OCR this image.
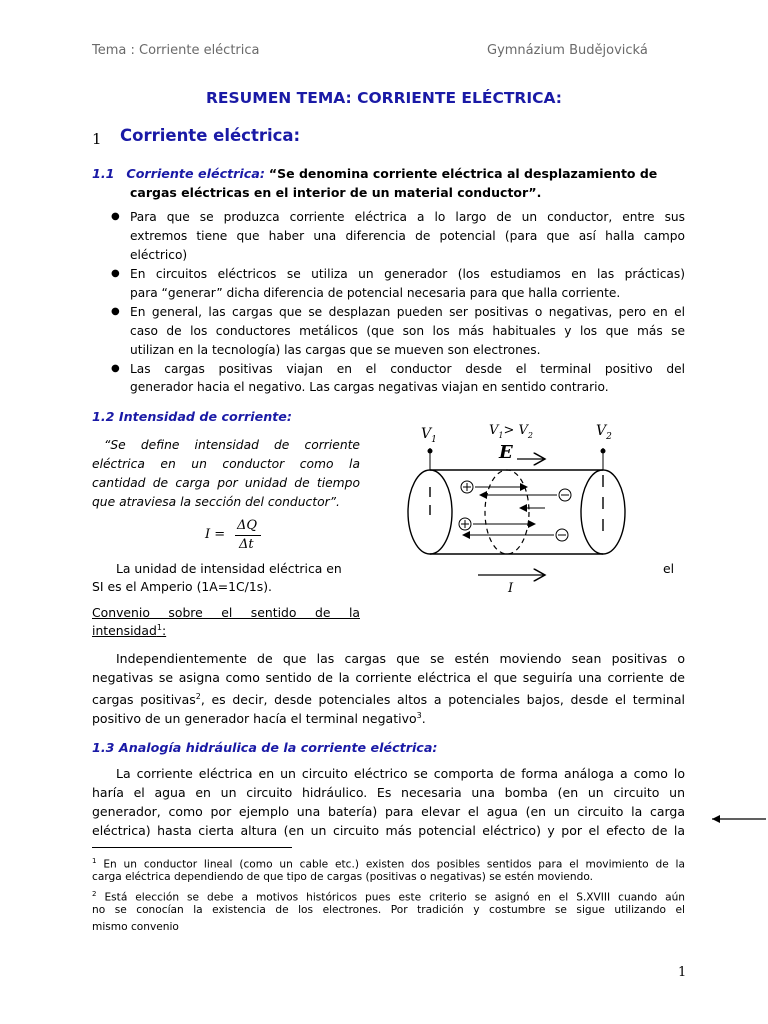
Tema : Corriente eléctrica	Gymnázium Budějovická
RESUMEN TEMA: CORRIENTE ELÉCTRICA:
1 Corriente eléctrica:
1.1 Corriente eléctrica: “Se denomina corriente eléctrica al desplazamiento de
cargas eléctricas en el interior de un material conductor”.
● Para que se produzca corriente eléctrica a lo largo de un conductor, entre sus
extremos tiene que haber una diferencia de potencial (para que así halla campo
eléctrico)
● En circuitos eléctricos se utiliza un generador (los estudiamos en las prácticas)
para “generar” dicha diferencia de potencial necesaria para que halla corriente.
● En general, las cargas que se desplazan pueden ser positivas o negativas, pero en el
caso de los conductores metálicos (que son los más habituales y los que más se
utilizan en la tecnología) las cargas que se mueven son electrones.
● Las cargas positivas viajan en el conductor desde el terminal positivo del
generador hacia el negativo. Las cargas negativas viajan en sentido contrario.
1.2 Intensidad de corriente:
“Se define intensidad de corriente
eléctrica en un conductor como la
cantidad de carga por unidad de tiempo
que atraviesa la sección del conductor”.
I =
ΔQ
Δt
La unidad de intensidad eléctrica en	el
SI es el Amperio (1A=1C/1s).
Convenio sobre el sentido de la
intensidad$^1$:
$V_1$
$V_2$
$V_1> V_2$
E
I
Independientemente de que las cargas que se estén moviendo sean positivas o
negativas se asigna como sentido de la corriente eléctrica el que seguiría una corriente de
cargas positivas$^2$, es decir, desde potenciales altos a potenciales bajos, desde el terminal
positivo de un generador hacía el terminal negativo$^3$.
1.3 Analogía hidráulica de la corriente eléctrica:
La corriente eléctrica en un circuito eléctrico se comporta de forma análoga a como lo
haría el agua en un circuito hidráulico. Es necesaria una bomba (en un circuito un
generador, como por ejemplo una batería) para elevar el agua (en un circuito la carga
eléctrica) hasta cierta altura (en un circuito más potencial eléctrico) y por el efecto de la
$^1$ En un conductor lineal (como un cable etc.) existen dos posibles sentidos para el movimiento de la
carga eléctrica dependiendo de que tipo de cargas (positivas o negativas) se estén moviendo.
$^2$ Está elección se debe a motivos históricos pues este criterio se asignó en el S.XVIII cuando aún
no se conocían la existencia de los electrones. Por tradición y costumbre se sigue utilizando el
mismo convenio
1
